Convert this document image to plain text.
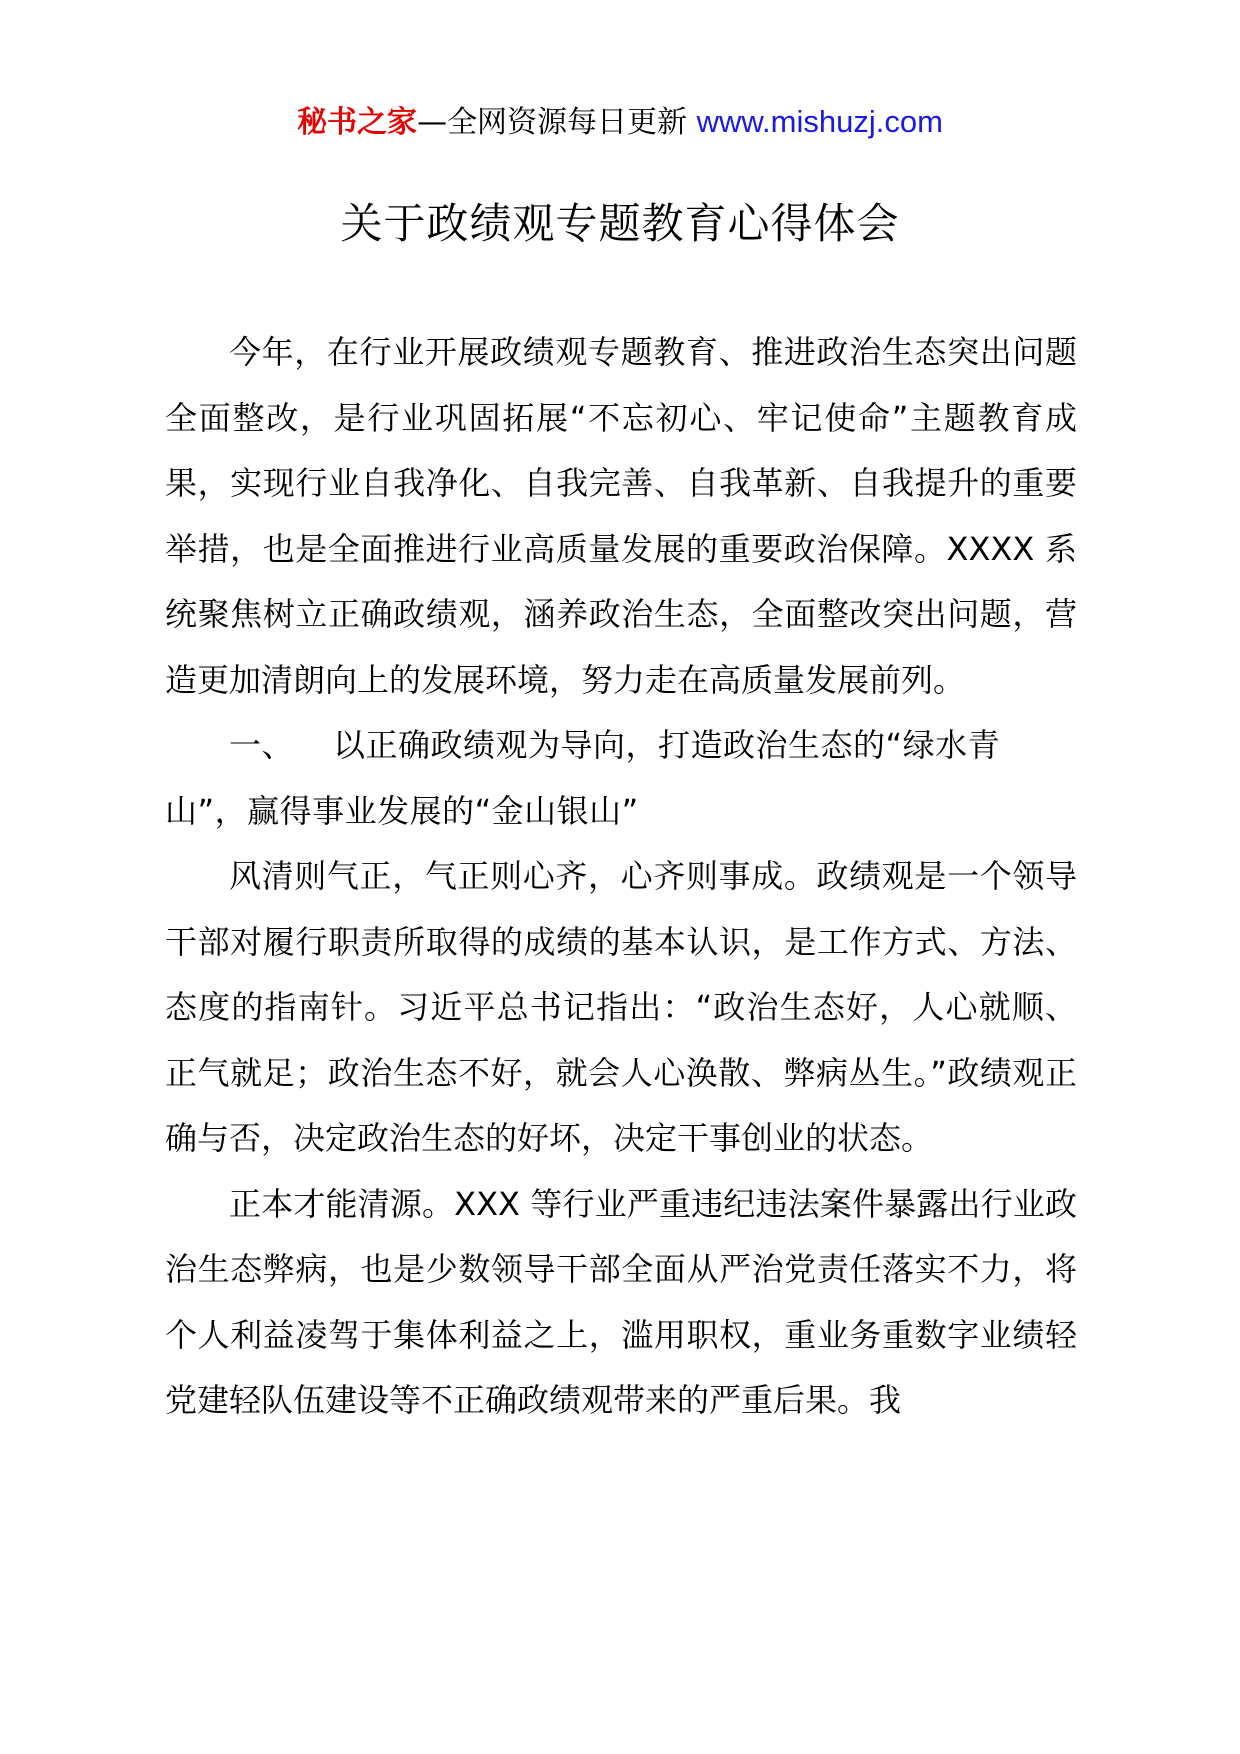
秘书之家—全网资源每日更新 www.mishuzj.com
关于政绩观专题教育心得体会

今年，在行业开展政绩观专题教育、推进政治生态突出问题全面整改，是行业巩固拓展“不忘初心、牢记使命”主题教育成果，实现行业自我净化、自我完善、自我革新、自我提升的重要举措，也是全面推进行业高质量发展的重要政治保障。XXXX 系统聚焦树立正确政绩观，涵养政治生态，全面整改突出问题，营造更加清朗向上的发展环境，努力走在高质量发展前列。

一、 以正确政绩观为导向，打造政治生态的“绿水青山”，赢得事业发展的“金山银山”

风清则气正，气正则心齐，心齐则事成。政绩观是一个领导干部对履行职责所取得的成绩的基本认识，是工作方式、方法、态度的指南针。习近平总书记指出：“政治生态好，人心就顺、正气就足；政治生态不好，就会人心涣散、弊病丛生。”政绩观正确与否，决定政治生态的好坏，决定干事创业的状态。

正本才能清源。XXX 等行业严重违纪违法案件暴露出行业政治生态弊病，也是少数领导干部全面从严治党责任落实不力，将个人利益凌驾于集体利益之上，滥用职权，重业务重数字业绩轻党建轻队伍建设等不正确政绩观带来的严重后果。我
